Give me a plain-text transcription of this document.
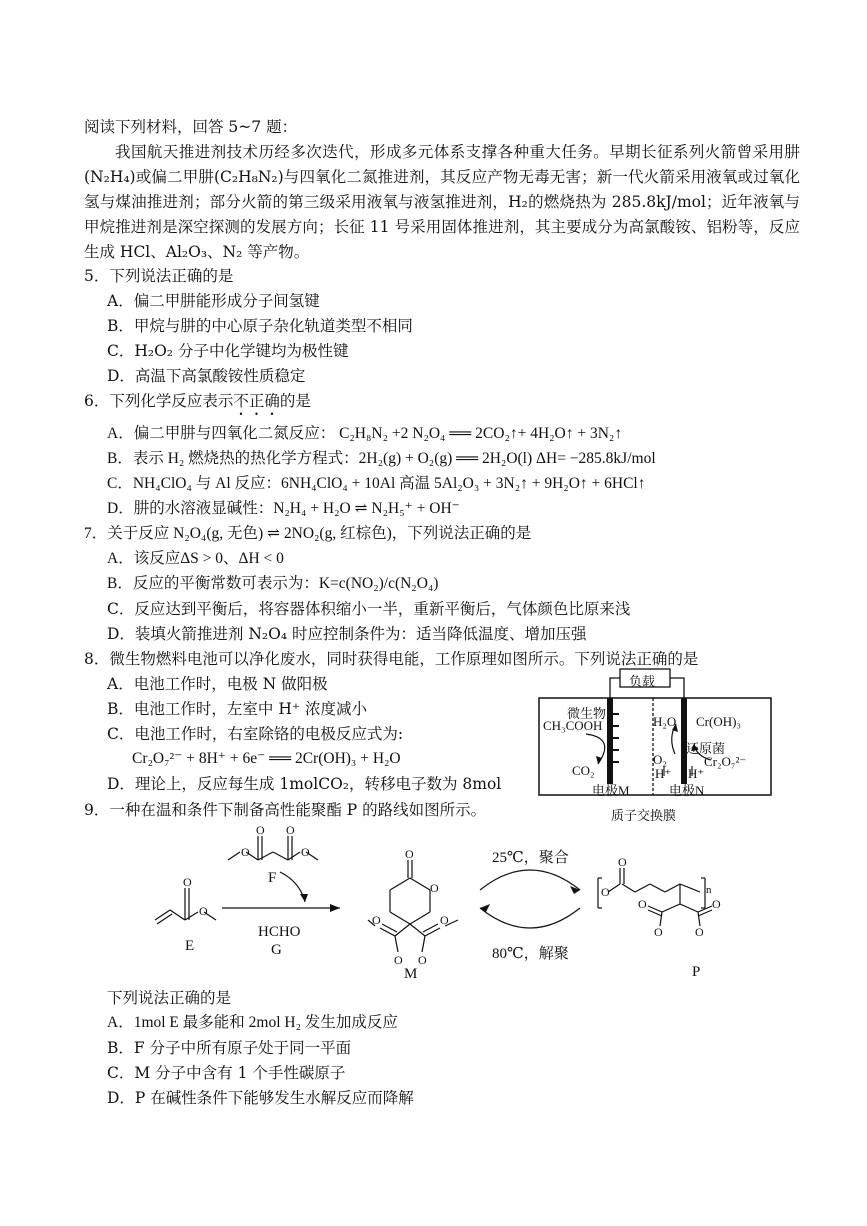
阅读下列材料，回答 5~7 题：
我国航天推进剂技术历经多次迭代，形成多元体系支撑各种重大任务。早期长征系列火箭曾采用肼(N₂H₄)或偏二甲肼(C₂H₈N₂)与四氧化二氮推进剂，其反应产物无毒无害；新一代火箭采用液氧或过氧化氢与煤油推进剂；部分火箭的第三级采用液氧与液氢推进剂，H₂的燃烧热为 285.8kJ/mol；近年液氧与甲烷推进剂是深空探测的发展方向；长征 11 号采用固体推进剂，其主要成分为高氯酸铵、铝粉等，反应生成 HCl、Al₂O₃、N₂ 等产物。
5．下列说法正确的是
A．偏二甲肼能形成分子间氢键
B．甲烷与肼的中心原子杂化轨道类型不相同
C．H₂O₂ 分子中化学键均为极性键
D．高温下高氯酸铵性质稳定
6．下列化学反应表示不正确的是
A．偏二甲肼与四氧化二氮反应： C₂H₈N₂ +2 N₂O₄ ══ 2CO₂↑+ 4H₂O↑ + 3N₂↑
B．表示 H₂ 燃烧热的热化学方程式：2H₂(g) + O₂(g) ══ 2H₂O(l) ΔH= −285.8kJ/mol
C．NH₄ClO₄ 与 Al 反应：6NH₄ClO₄ + 10Al 高温 5Al₂O₃ + 3N₂↑ + 9H₂O↑ + 6HCl↑
D．肼的水溶液显碱性：N₂H₄ + H₂O ⇌ N₂H₅⁺ + OH⁻
7．关于反应 N₂O₄(g, 无色) ⇌ 2NO₂(g, 红棕色)，下列说法正确的是
A．该反应ΔS > 0、ΔH < 0
B．反应的平衡常数可表示为：K=c(NO₂)/c(N₂O₄)
C．反应达到平衡后，将容器体积缩小一半，重新平衡后，气体颜色比原来浅
D．装填火箭推进剂 N₂O₄ 时应控制条件为：适当降低温度、增加压强
8．微生物燃料电池可以净化废水，同时获得电能，工作原理如图所示。下列说法正确的是
A．电池工作时，电极 N 做阳极
B．电池工作时，左室中 H⁺ 浓度减小
C．电池工作时，右室除铬的电极反应式为:
Cr₂O₇²⁻ + 8H⁺ + 6e⁻ ══ 2Cr(OH)₃ + H₂O
D．理论上，反应每生成 1molCO₂，转移电子数为 8mol
负载
微生物
CH₃COOH
CO₂
电极M
H₂O Cr(OH)₃
还原菌
O₂
H⁺ H⁺
Cr₂O₇²⁻
电极N
质子交换膜
9．一种在温和条件下制备高性能聚酯 P 的路线如图所示。
O
O
O
O O
O	O
O
O
O
O
O
O
O
O
O
O
O
E
F
HCHO
G
M
25℃，聚合
80℃，解聚
n
P
下列说法正确的是
A．1mol E 最多能和 2mol H₂ 发生加成反应
B．F 分子中所有原子处于同一平面
C．M 分子中含有 1 个手性碳原子
D．P 在碱性条件下能够发生水解反应而降解
